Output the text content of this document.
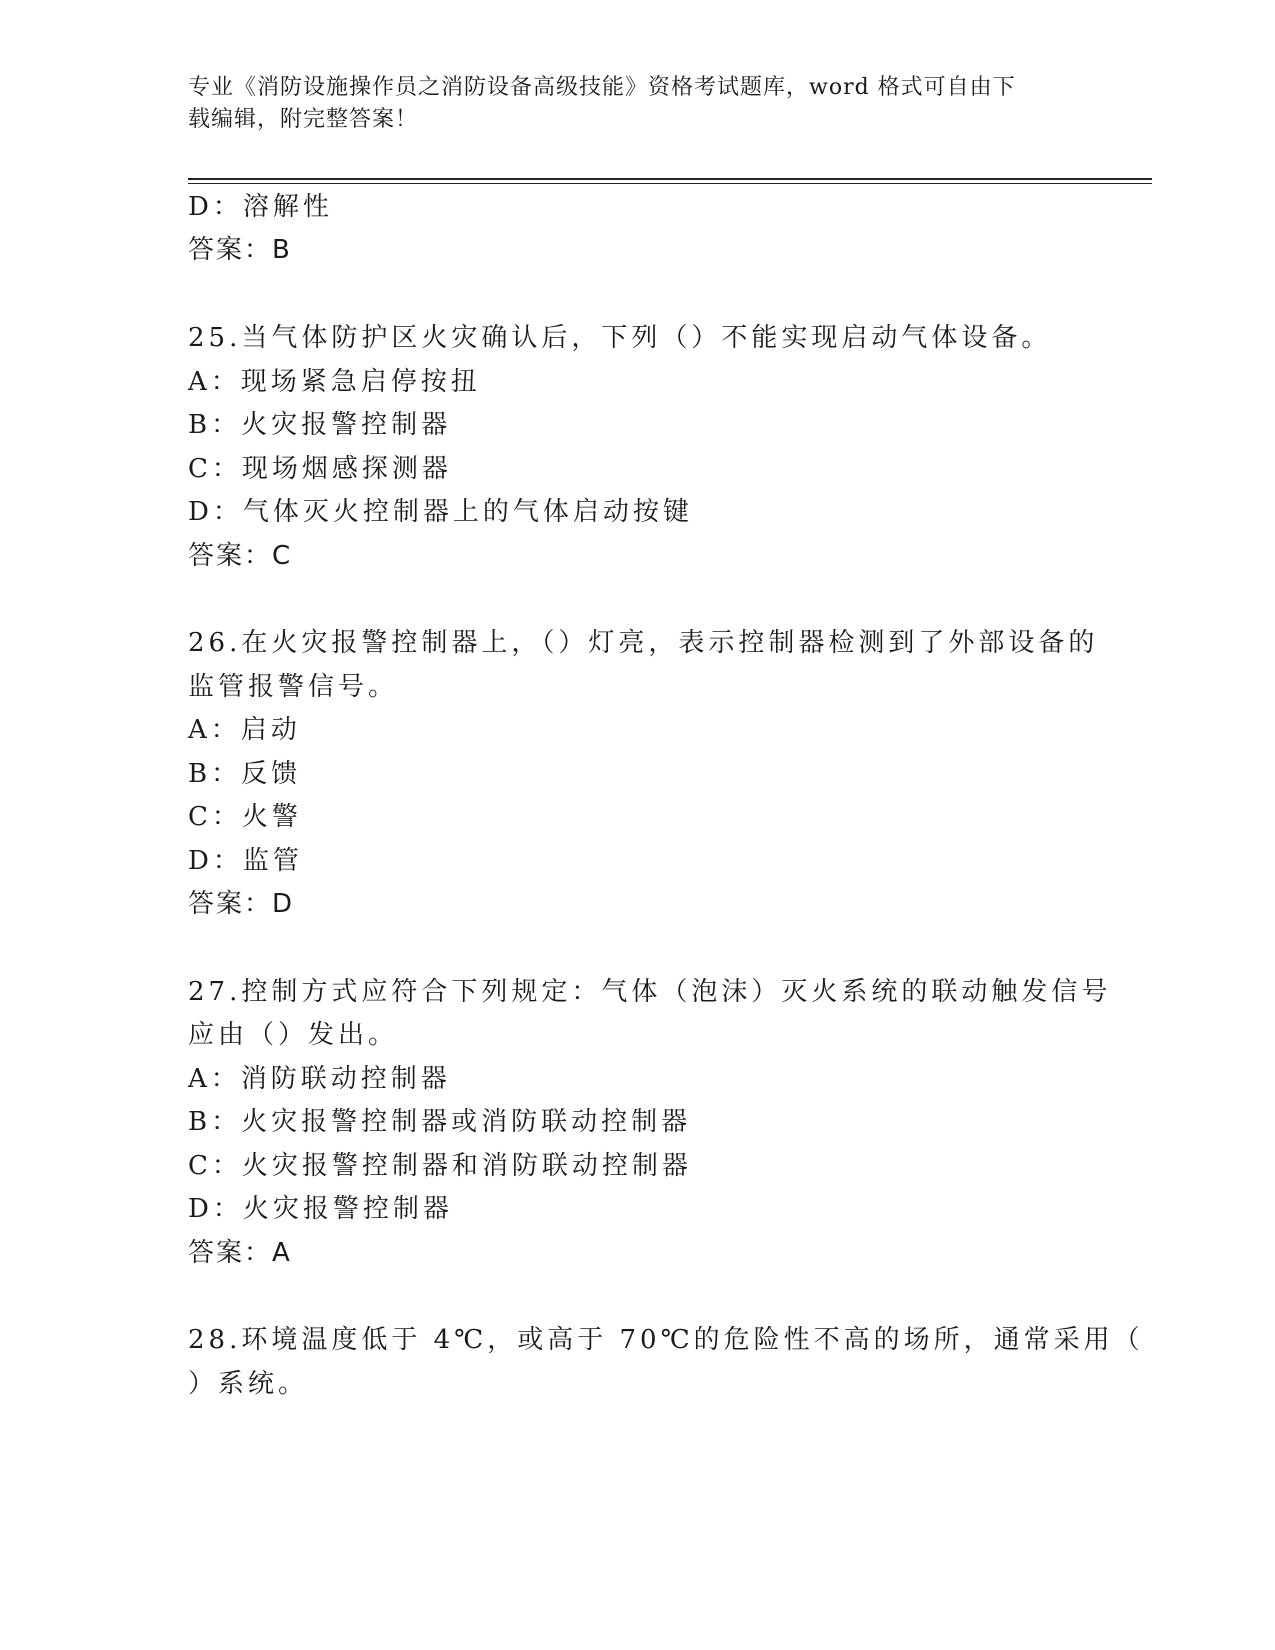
专业《消防设施操作员之消防设备高级技能》资格考试题库，word 格式可自由下
载编辑，附完整答案！
D：溶解性
答案：B
25.当气体防护区火灾确认后，下列（）不能实现启动气体设备。
A：现场紧急启停按扭
B：火灾报警控制器
C：现场烟感探测器
D：气体灭火控制器上的气体启动按键
答案：C
26.在火灾报警控制器上，（）灯亮，表示控制器检测到了外部设备的
监管报警信号。
A：启动
B：反馈
C：火警
D：监管
答案：D
27.控制方式应符合下列规定：气体（泡沫）灭火系统的联动触发信号
应由（）发出。
A：消防联动控制器
B：火灾报警控制器或消防联动控制器
C：火灾报警控制器和消防联动控制器
D：火灾报警控制器
答案：A
28.环境温度低于 4℃，或高于 70℃的危险性不高的场所，通常采用（
）系统。
